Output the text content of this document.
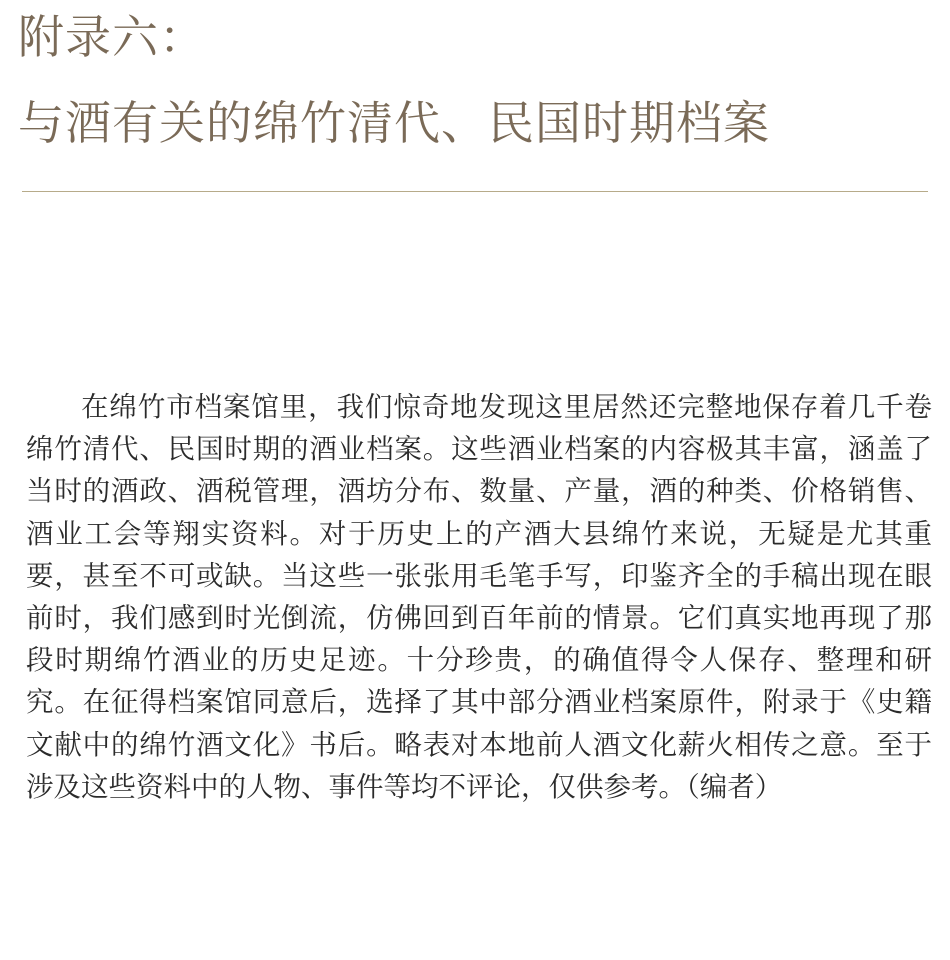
附录六：
与酒有关的绵竹清代、民国时期档案
在绵竹市档案馆里，我们惊奇地发现这里居然还完整地保存着几千卷绵竹清代、民国时期的酒业档案。这些酒业档案的内容极其丰富，涵盖了当时的酒政、酒税管理，酒坊分布、数量、产量，酒的种类、价格销售、酒业工会等翔实资料。对于历史上的产酒大县绵竹来说，无疑是尤其重要，甚至不可或缺。当这些一张张用毛笔手写，印鉴齐全的手稿出现在眼前时，我们感到时光倒流，仿佛回到百年前的情景。它们真实地再现了那段时期绵竹酒业的历史足迹。十分珍贵，的确值得令人保存、整理和研究。在征得档案馆同意后，选择了其中部分酒业档案原件，附录于《史籍文献中的绵竹酒文化》书后。略表对本地前人酒文化薪火相传之意。至于涉及这些资料中的人物、事件等均不评论，仅供参考。（编者）
